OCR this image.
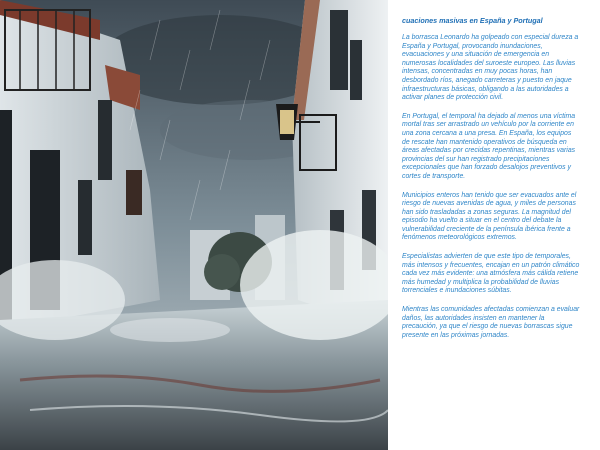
cuaciones masivas en España y Portugal

La borrasca Leonardo ha golpeado con especial dureza a España y Portugal, provocando inundaciones, evacuaciones y una situación de emergencia en numerosas localidades del suroeste europeo. Las lluvias intensas, concentradas en muy pocas horas, han desbordado ríos, anegado carreteras y puesto en jaque infraestructuras básicas, obligando a las autoridades a activar planes de protección civil.

En Portugal, el temporal ha dejado al menos una víctima mortal tras ser arrastrado un vehículo por la corriente en una zona cercana a una presa. En España, los equipos de rescate han mantenido operativos de búsqueda en áreas afectadas por crecidas repentinas, mientras varias provincias del sur han registrado precipitaciones excepcionales que han forzado desalojos preventivos y cortes de transporte.

Municipios enteros han tenido que ser evacuados ante el riesgo de nuevas avenidas de agua, y miles de personas han sido trasladadas a zonas seguras. La magnitud del episodio ha vuelto a situar en el centro del debate la vulnerabilidad creciente de la península ibérica frente a fenómenos meteorológicos extremos.

Especialistas advierten de que este tipo de temporales, más intensos y frecuentes, encajan en un patrón climático cada vez más evidente: una atmósfera más cálida retiene más humedad y multiplica la probabilidad de lluvias torrenciales e inundaciones súbitas.

Mientras las comunidades afectadas comienzan a evaluar daños, las autoridades insisten en mantener la precaución, ya que el riesgo de nuevas borrascas sigue presente en las próximas jornadas.
